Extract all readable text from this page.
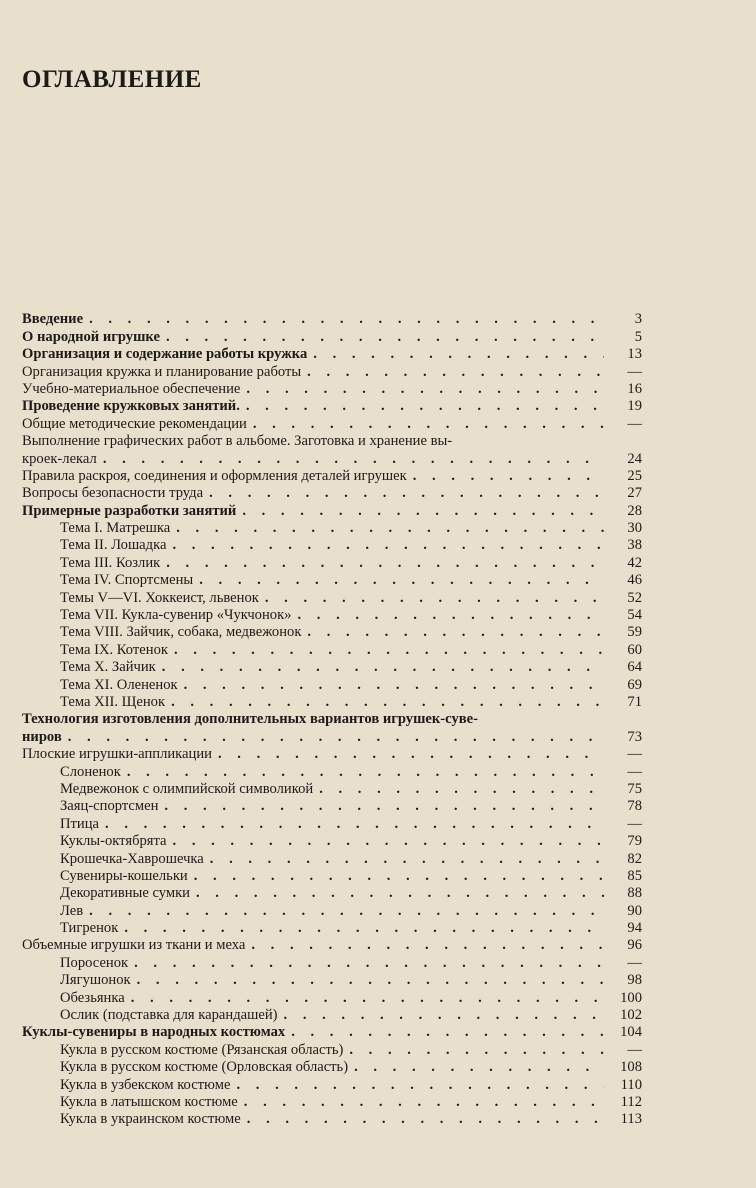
ОГЛАВЛЕНИЕ
Введение . . .	3
О народной игрушке . . .	5
Организация и содержание работы кружка . . .	13
Организация кружка и планирование работы . . .	—
Учебно-материальное обеспечение . . .	16
Проведение кружковых занятий. . . .	19
Общие методические рекомендации . . .	—
Выполнение графических работ в альбоме. Заготовка и хранение вы-
кроек-лекал . . .	24
Правила раскроя, соединения и оформления деталей игрушек . . .	25
Вопросы безопасности труда . . .	27
Примерные разработки занятий . . .	28
Тема I. Матрешка . . .	30
Тема II. Лошадка . . .	38
Тема III. Козлик . . .	42
Тема IV. Спортсмены . . .	46
Темы V—VI. Хоккеист, львенок . . .	52
Тема VII. Кукла-сувенир «Чукчонок» . . .	54
Тема VIII. Зайчик, собака, медвежонок . . .	59
Тема IX. Котенок . . .	60
Тема X. Зайчик . . .	64
Тема XI. Олененок . . .	69
Тема XII. Щенок . . .	71
Технология изготовления дополнительных вариантов игрушек-суве-
ниров . . .	73
Плоские игрушки-аппликации . . .	—
Слоненок . . .	—
Медвежонок с олимпийской символикой . . .	75
Заяц-спортсмен . . .	78
Птица . . .	—
Куклы-октябрята . . .	79
Крошечка-Хаврошечка . . .	82
Сувениры-кошельки . . .	85
Декоративные сумки . . .	88
Лев . . .	90
Тигренок . . .	94
Объемные игрушки из ткани и меха . . .	96
Поросенок . . .	—
Лягушонок . . .	98
Обезьянка . . .	100
Ослик (подставка для карандашей) . . .	102
Куклы-сувениры в народных костюмах . . .	104
Кукла в русском костюме (Рязанская область) . . .	—
Кукла в русском костюме (Орловская область) . . .	108
Кукла в узбекском костюме . . .	110
Кукла в латышском костюме . . .	112
Кукла в украинском костюме . . .	113
